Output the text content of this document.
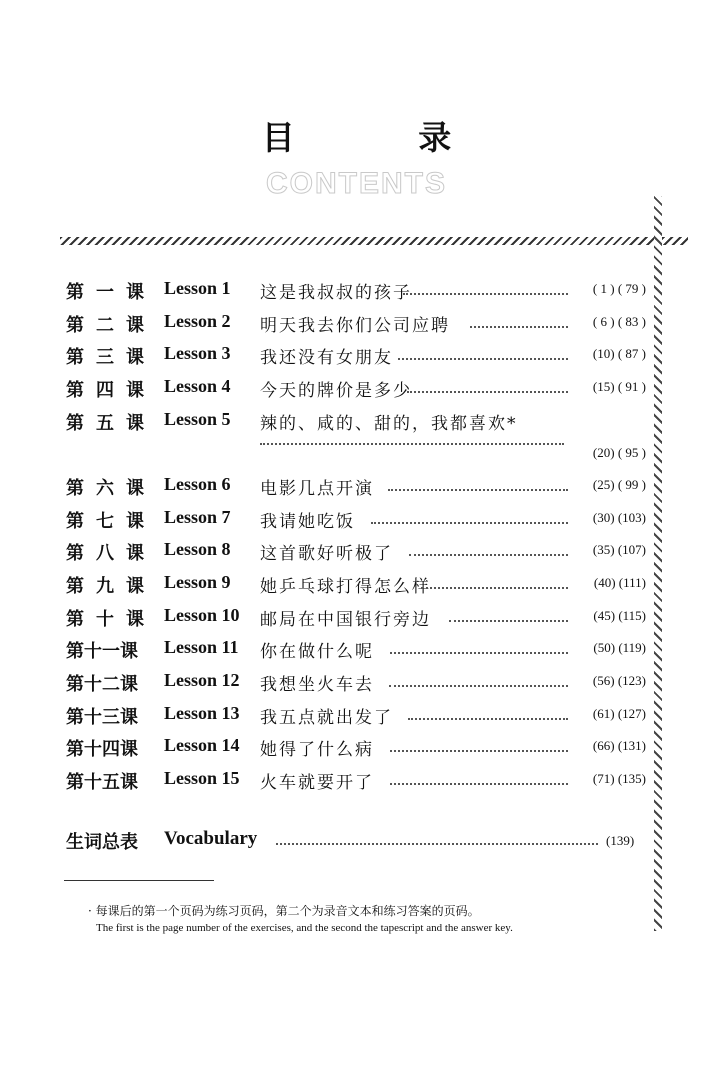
目 录
CONTENTS
第 一 课 Lesson 1 这是我叔叔的孩子	( 1 ) ( 79 )
第 二 课 Lesson 2 明天我去你们公司应聘	( 6 ) ( 83 )
第 三 课 Lesson 3 我还没有女朋友	(10) ( 87 )
第 四 课 Lesson 4 今天的牌价是多少	(15) ( 91 )
第 五 课 Lesson 5 辣的、咸的、甜的，我都喜欢*
(20) ( 95 )
第 六 课 Lesson 6 电影几点开演	(25) ( 99 )
第 七 课 Lesson 7 我请她吃饭	(30) (103)
第 八 课 Lesson 8 这首歌好听极了	(35) (107)
第 九 课 Lesson 9 她乒乓球打得怎么样	(40) (111)
第 十 课 Lesson 10 邮局在中国银行旁边	(45) (115)
第十一课 Lesson 11 你在做什么呢	(50) (119)
第十二课 Lesson 12 我想坐火车去	(56) (123)
第十三课 Lesson 13 我五点就出发了	(61) (127)
第十四课 Lesson 14 她得了什么病	(66) (131)
第十五课 Lesson 15 火车就要开了	(71) (135)
生词总表 Vocabulary	(139)
· 每课后的第一个页码为练习页码，第二个为录音文本和练习答案的页码。
The first is the page number of the exercises, and the second the tapescript and the answer key.
